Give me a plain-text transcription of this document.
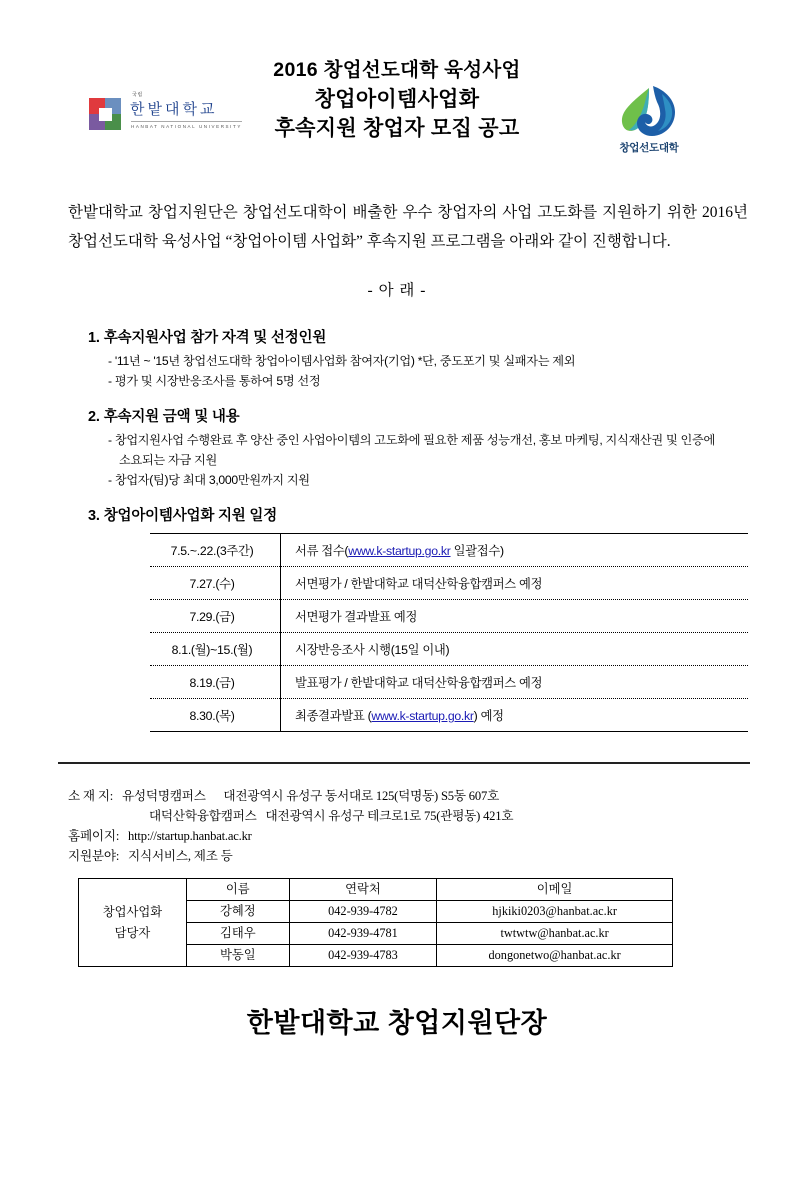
국립
한밭대학교
HANBAT NATIONAL UNIVERSITY
2016 창업선도대학 육성사업
창업아이템사업화
후속지원 창업자 모집 공고
창업선도대학
한밭대학교 창업지원단은 창업선도대학이 배출한 우수 창업자의 사업 고도화를 지원하기 위한 2016년 창업선도대학 육성사업 “창업아이템 사업화” 후속지원 프로그램을 아래와 같이 진행합니다.
- 아 래 -
1. 후속지원사업 참가 자격 및 선정인원
- '11년 ~ '15년 창업선도대학 창업아이템사업화 참여자(기업) *단, 중도포기 및 실패자는 제외
- 평가 및 시장반응조사를 통하여 5명 선정
2. 후속지원 금액 및 내용
- 창업지원사업 수행완료 후 양산 중인 사업아이템의 고도화에 필요한 제품 성능개선, 홍보 마케팅, 지식재산권 및 인증에 소요되는 자금 지원
- 창업자(팀)당 최대 3,000만원까지 지원
3. 창업아이템사업화 지원 일정
7.5.~.22.(3주간)	서류 접수(www.k-startup.go.kr 일괄접수)
7.27.(수)	서면평가 / 한밭대학교 대덕산학융합캠퍼스 예정
7.29.(금)	서면평가 결과발표 예정
8.1.(월)~15.(월)	시장반응조사 시행(15일 이내)
8.19.(금)	발표평가 / 한밭대학교 대덕산학융합캠퍼스 예정
8.30.(목)	최종결과발표 (www.k-startup.go.kr) 예정
소 재 지: 유성덕명캠퍼스 대전광역시 유성구 동서대로 125(덕명동) S5동 607호
대덕산학융합캠퍼스 대전광역시 유성구 테크로1로 75(관평동) 421호
홈페이지: http://startup.hanbat.ac.kr
지원분야: 지식서비스, 제조 등
창업사업화
담당자	이름	연락처	이메일
	강혜정	042-939-4782	hjkiki0203@hanbat.ac.kr
	김태우	042-939-4781	twtwtw@hanbat.ac.kr
	박동일	042-939-4783	dongonetwo@hanbat.ac.kr
한밭대학교 창업지원단장
